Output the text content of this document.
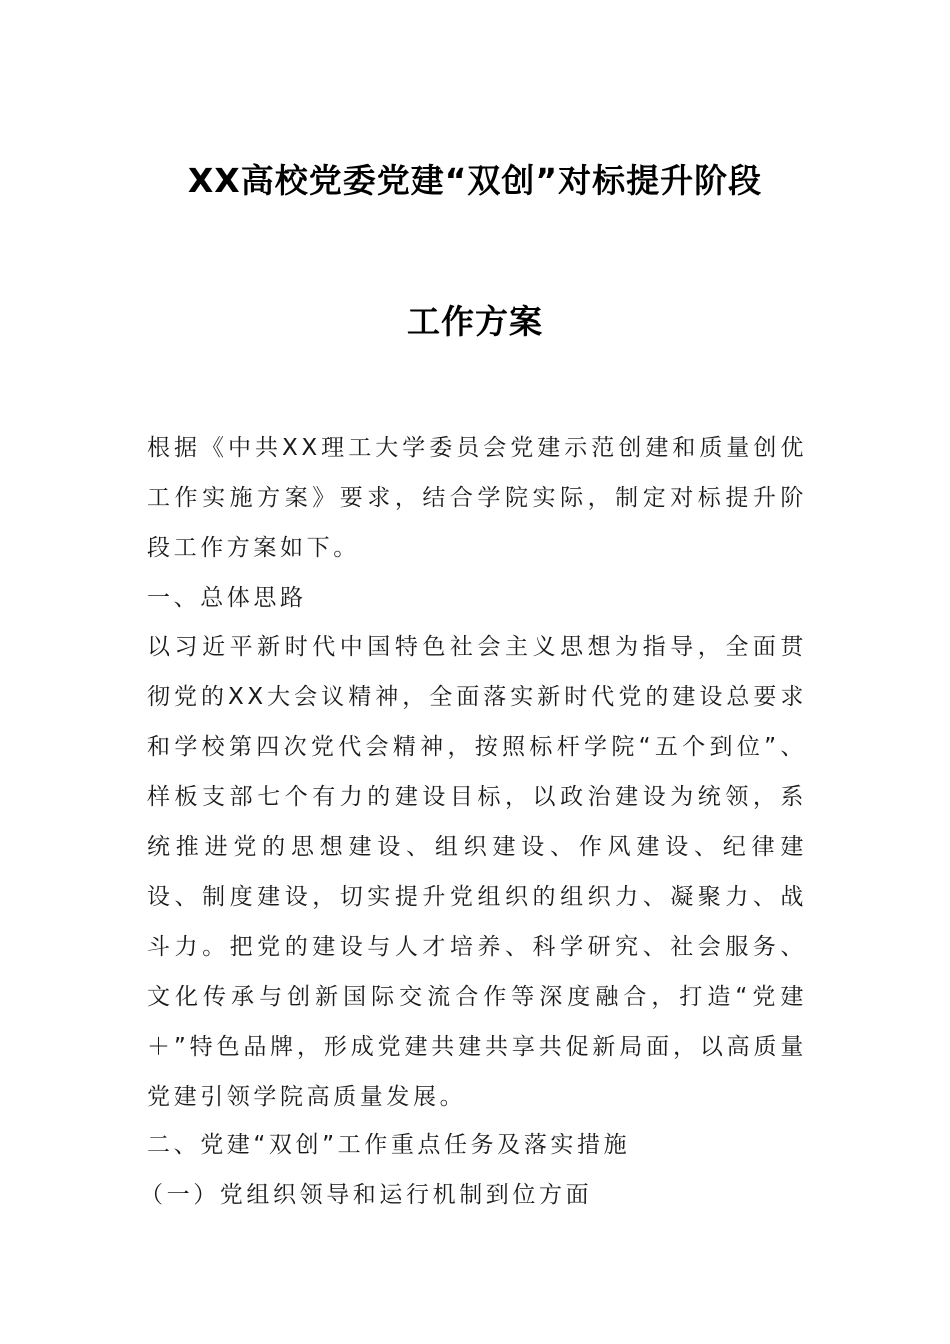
XX高校党委党建“双创”对标提升阶段
工作方案
根据《中共XX理工大学委员会党建示范创建和质量创优工作实施方案》要求，结合学院实际，制定对标提升阶段工作方案如下。
一、总体思路
以习近平新时代中国特色社会主义思想为指导，全面贯彻党的XX大会议精神，全面落实新时代党的建设总要求和学校第四次党代会精神，按照标杆学院“五个到位”、样板支部七个有力的建设目标，以政治建设为统领，系统推进党的思想建设、组织建设、作风建设、纪律建设、制度建设，切实提升党组织的组织力、凝聚力、战斗力。把党的建设与人才培养、科学研究、社会服务、文化传承与创新国际交流合作等深度融合，打造“党建＋”特色品牌，形成党建共建共享共促新局面，以高质量党建引领学院高质量发展。
二、党建“双创”工作重点任务及落实措施
（一）党组织领导和运行机制到位方面
